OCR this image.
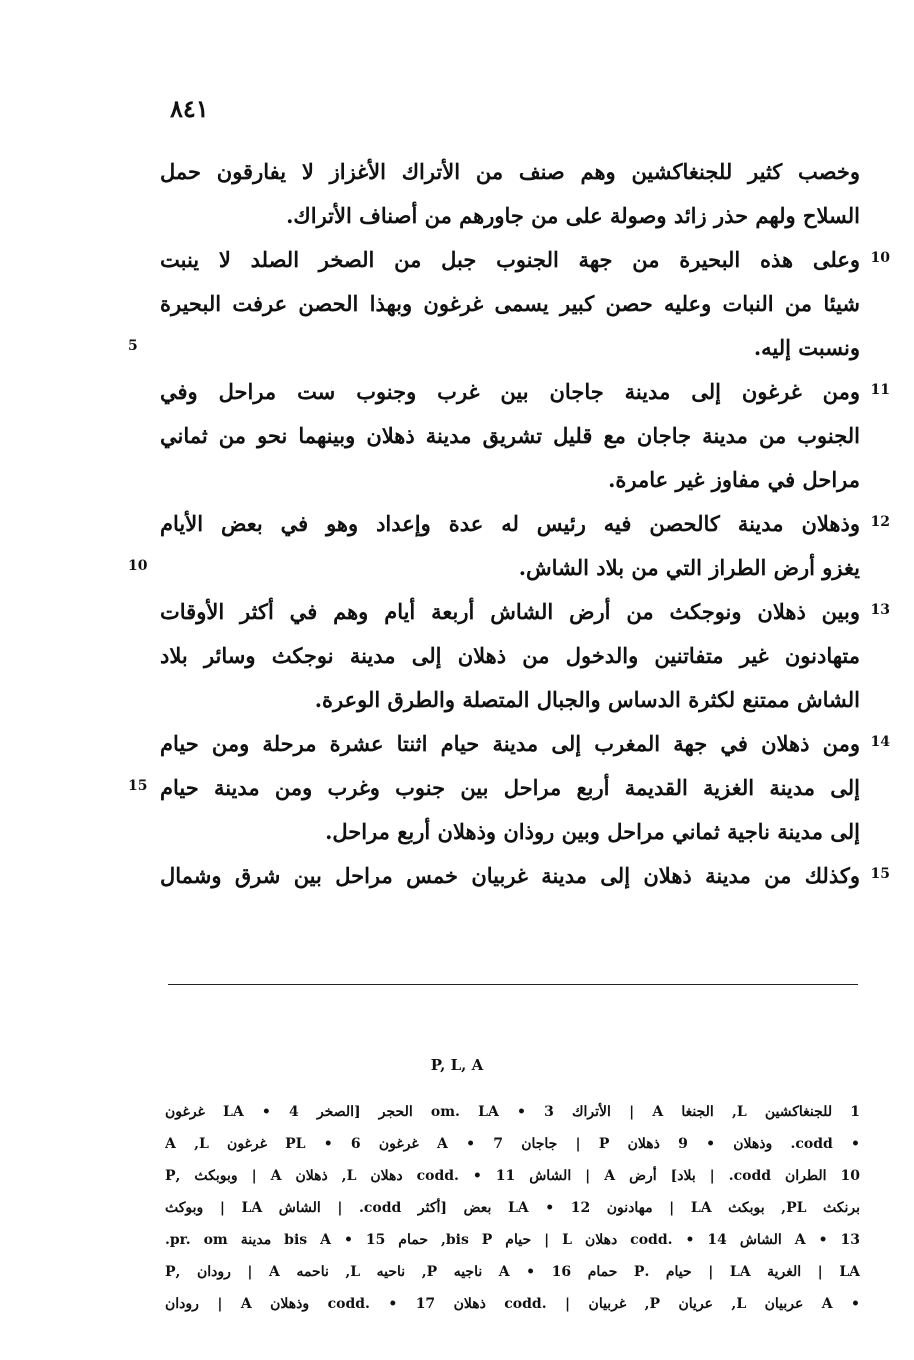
٨٤١
وخصب كثير للجنغاكشين وهم صنف من الأتراك الأغزاز لا يفارقون حمل
السلاح ولهم حذر زائد وصولة على من جاورهم من أصناف الأتراك.
وعلى هذه البحيرة من جهة الجنوب جبل من الصخر الصلد لا ينبت
شيئا من النبات وعليه حصن كبير يسمى غرغون وبهذا الحصن عرفت البحيرة
ونسبت إليه.
ومن غرغون إلى مدينة جاجان بين غرب وجنوب ست مراحل وفي
الجنوب من مدينة جاجان مع قليل تشريق مدينة ذهلان وبينهما نحو من ثماني
مراحل في مفاوز غير عامرة.
وذهلان مدينة كالحصن فيه رئيس له عدة وإعداد وهو في بعض الأيام
يغزو أرض الطراز التي من بلاد الشاش.
وبين ذهلان ونوجكث من أرض الشاش أربعة أيام وهم في أكثر الأوقات
متهادنون غير متفاتنين والدخول من ذهلان إلى مدينة نوجكث وسائر بلاد
الشاش ممتنع لكثرة الدساس والجبال المتصلة والطرق الوعرة.
ومن ذهلان في جهة المغرب إلى مدينة حيام اثنتا عشرة مرحلة ومن حيام
إلى مدينة الغزية القديمة أربع مراحل بين جنوب وغرب ومن مدينة حيام
إلى مدينة ناجية ثماني مراحل وبين روذان وذهلان أربع مراحل.
وكذلك من مدينة ذهلان إلى مدينة غربيان خمس مراحل بين شرق وشمال
P, L, A
1 للجنغاكشين L, الجنغا A | الأتراك om. LA • 3 الحجر [الصخر LA • 4 غرغون
• codd. وذهلان • 9 ذهلان P | جاجان A • 7 غرغون PL • 6 غرغون A ,L
10 الطران codd. | بلاد] أرض A | الشاش codd. • 11 دهلان L, ذهلان A | وبوبكث ,P
برنكث PL, بوبكث LA | مهادنون LA • 12 بعض [أكثر codd. | الشاش LA | وبوكث
A • 13 الشاش codd. • 14 دهلان L | حيام bis P, حمام bis A • 15 مدينة pr. om.
LA | الغرية LA | حيام .P حمام A • 16 ناجيه P, ناحيه L, ناحمه A | رودان ,P
• A عربيان L, عريان P, غربيان | .codd ذهلان codd. • 17 وذهلان A | رودان
10
5
11
12
10
13
14
15
15
